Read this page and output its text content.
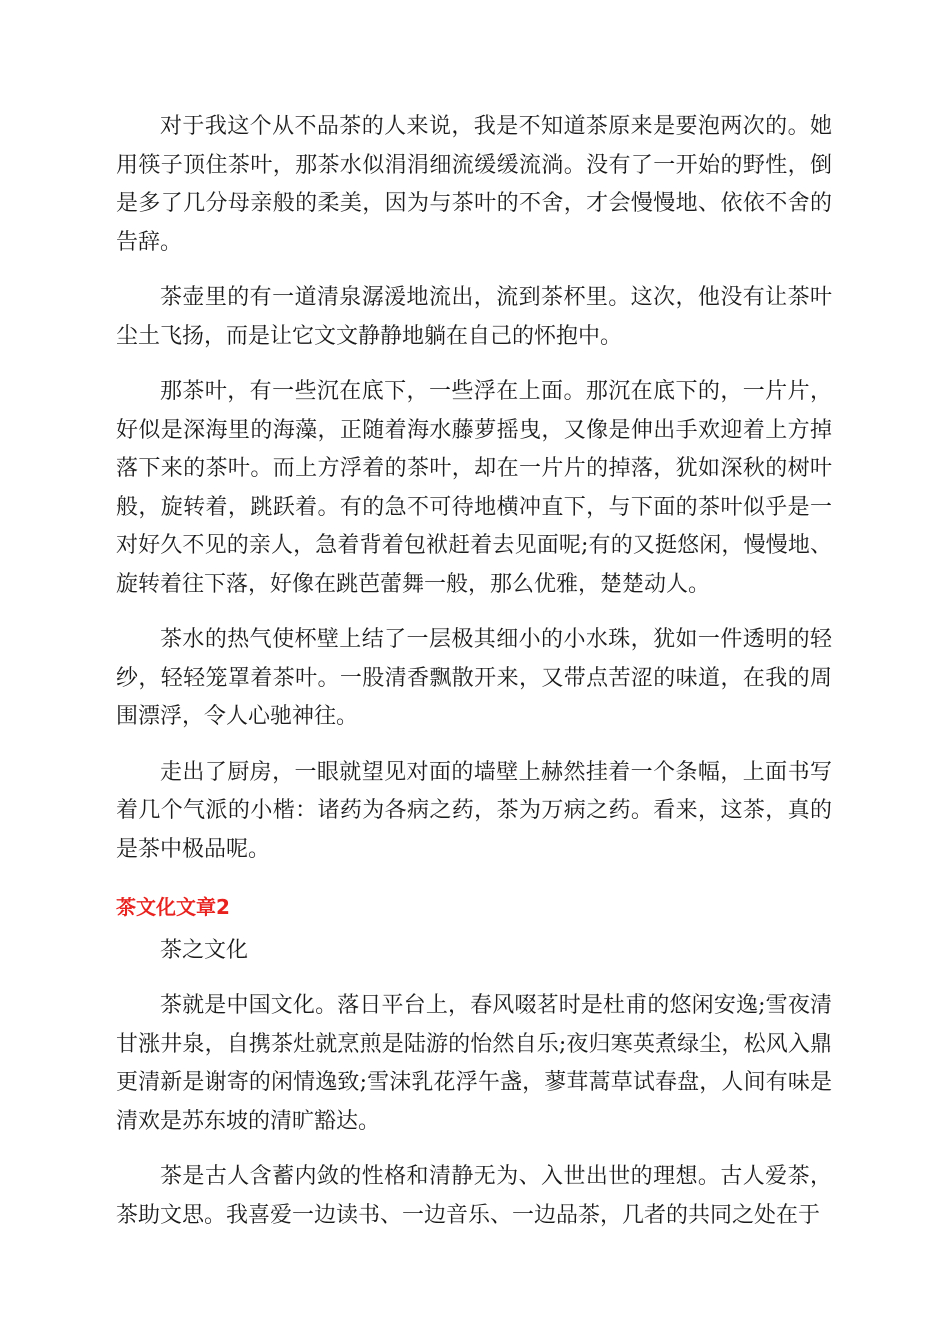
对于我这个从不品茶的人来说，我是不知道茶原来是要泡两次的。她用筷子顶住茶叶，那茶水似涓涓细流缓缓流淌。没有了一开始的野性，倒是多了几分母亲般的柔美，因为与茶叶的不舍，才会慢慢地、依依不舍的告辞。

茶壶里的有一道清泉潺湲地流出，流到茶杯里。这次，他没有让茶叶尘土飞扬，而是让它文文静静地躺在自己的怀抱中。

那茶叶，有一些沉在底下，一些浮在上面。那沉在底下的，一片片，好似是深海里的海藻，正随着海水藤萝摇曳，又像是伸出手欢迎着上方掉落下来的茶叶。而上方浮着的茶叶，却在一片片的掉落，犹如深秋的树叶般，旋转着，跳跃着。有的急不可待地横冲直下，与下面的茶叶似乎是一对好久不见的亲人，急着背着包袱赶着去见面呢;有的又挺悠闲，慢慢地、旋转着往下落，好像在跳芭蕾舞一般，那么优雅，楚楚动人。

茶水的热气使杯壁上结了一层极其细小的小水珠，犹如一件透明的轻纱，轻轻笼罩着茶叶。一股清香飘散开来，又带点苦涩的味道，在我的周围漂浮，令人心驰神往。

走出了厨房，一眼就望见对面的墙壁上赫然挂着一个条幅，上面书写着几个气派的小楷：诸药为各病之药，茶为万病之药。看来，这茶，真的是茶中极品呢。

茶文化文章2

茶之文化

茶就是中国文化。落日平台上，春风啜茗时是杜甫的悠闲安逸;雪夜清甘涨井泉，自携茶灶就烹煎是陆游的怡然自乐;夜归寒英煮绿尘，松风入鼎更清新是谢寄的闲情逸致;雪沫乳花浮午盏，蓼茸蒿草试春盘，人间有味是清欢是苏东坡的清旷豁达。

茶是古人含蓄内敛的性格和清静无为、入世出世的理想。古人爱茶，茶助文思。我喜爱一边读书、一边音乐、一边品茶，几者的共同之处在于
